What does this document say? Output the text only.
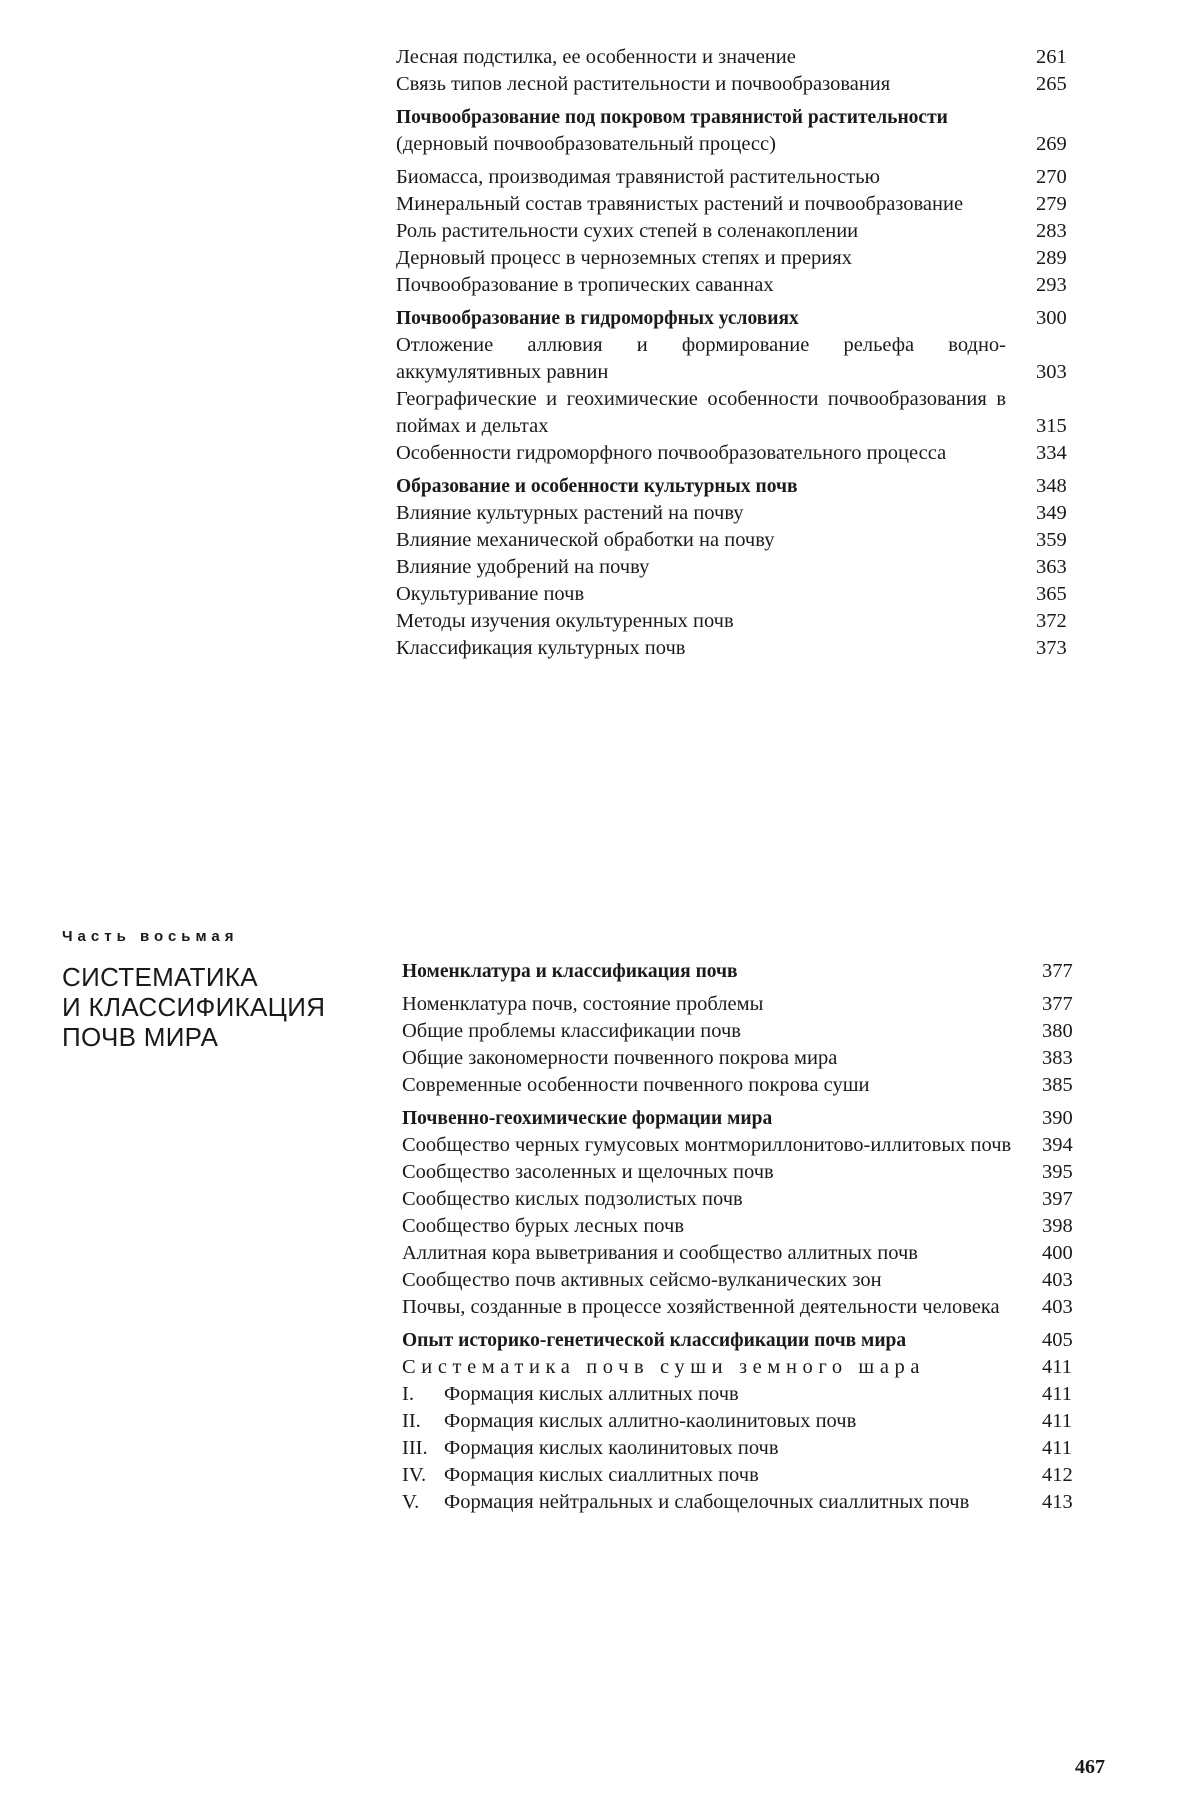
Часть восьмая
СИСТЕМАТИКА
И КЛАССИФИКАЦИЯ
ПОЧВ МИРА
Лесная подстилка, ее особенности и значение	261
Связь типов лесной растительности и почвообразования	265
Почвообразование под покровом травянистой растительности
(дерновый почвообразовательный процесс)	269
Биомасса, производимая травянистой растительностью	270
Минеральный состав травянистых растений и почвообразование	279
Роль растительности сухих степей в соленакоплении	283
Дерновый процесс в черноземных степях и прериях	289
Почвообразование в тропических саваннах	293
Почвообразование в гидроморфных условиях	300
Отложение аллювия и формирование рельефа водно-аккумулятивных равнин	303
Географические и геохимические особенности почвообразования в поймах и дельтах	315
Особенности гидроморфного почвообразовательного процесса	334
Образование и особенности культурных почв	348
Влияние культурных растений на почву	349
Влияние механической обработки на почву	359
Влияние удобрений на почву	363
Окультуривание почв	365
Методы изучения окультуренных почв	372
Классификация культурных почв	373
Номенклатура и классификация почв	377
Номенклатура почв, состояние проблемы	377
Общие проблемы классификации почв	380
Общие закономерности почвенного покрова мира	383
Современные особенности почвенного покрова суши	385
Почвенно-геохимические формации мира	390
Сообщество черных гумусовых монтмориллонитово-иллитовых почв	394
Сообщество засоленных и щелочных почв	395
Сообщество кислых подзолистых почв	397
Сообщество бурых лесных почв	398
Аллитная кора выветривания и сообщество аллитных почв	400
Сообщество почв активных сейсмо-вулканических зон	403
Почвы, созданные в процессе хозяйственной деятельности человека	403
Опыт историко-генетической классификации почв мира	405
Систематика почв суши земного шара	411
I.	Формация кислых аллитных почв	411
II.	Формация кислых аллитно-каолинитовых почв	411
III. Формация кислых каолинитовых почв	411
IV. Формация кислых сиаллитных почв	412
V.	Формация нейтральных и слабощелочных сиаллитных почв	413
467
